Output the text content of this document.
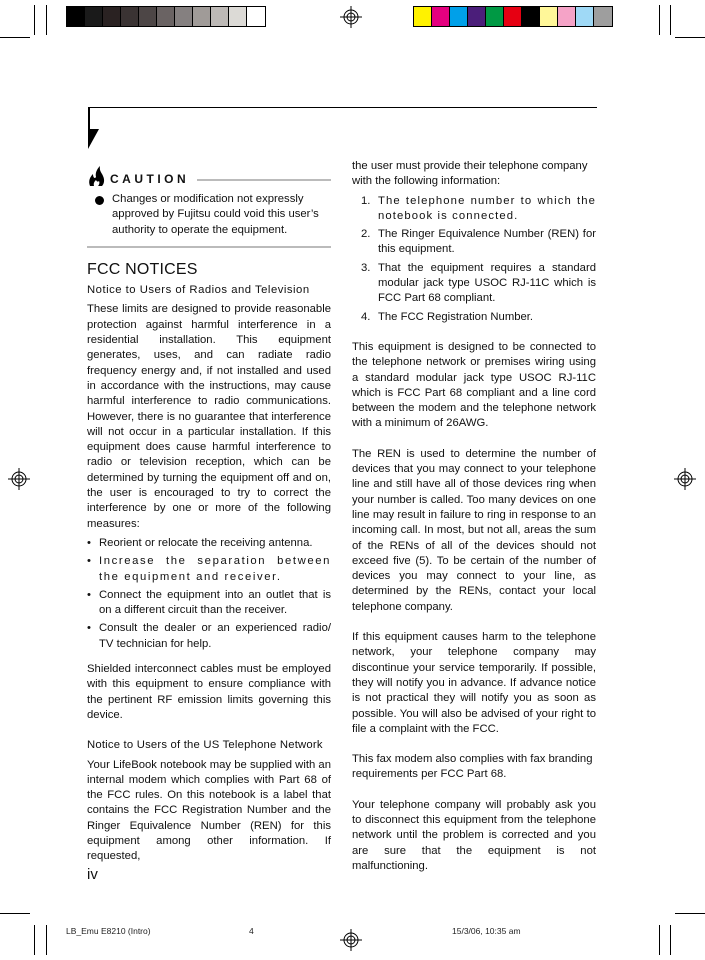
CAUTION
Changes or modification not expressly approved by Fujitsu could void this user’s authority to operate the equipment.
FCC NOTICES
Notice to Users of Radios and Television

These limits are designed to provide reasonable protection against harmful interference in a residential installation. This equipment generates, uses, and can radiate radio frequency energy and, if not installed and used in accordance with the instructions, may cause harmful interference to radio communications. However, there is no guarantee that interference will not occur in a particular installation. If this equipment does cause harmful interference to radio or television reception, which can be determined by turning the equipment off and on, the user is encouraged to try to correct the interference by one or more of the following measures:

• Reorient or relocate the receiving antenna.
• Increase the separation between the equipment and receiver.
• Connect the equipment into an outlet that is on a different circuit than the receiver.
• Consult the dealer or an experienced radio/ TV technician for help.

Shielded interconnect cables must be employed with this equipment to ensure compliance with the pertinent RF emission limits governing this device.

Notice to Users of the US Telephone Network

Your LifeBook notebook may be supplied with an internal modem which complies with Part 68 of the FCC rules. On this notebook is a label that contains the FCC Registration Number and the Ringer Equivalence Number (REN) for this equipment among other information. If requested,

the user must provide their telephone company with the following information:

1. The telephone number to which the notebook is connected.
2. The Ringer Equivalence Number (REN) for this equipment.
3. That the equipment requires a standard modular jack type USOC RJ-11C which is FCC Part 68 compliant.
4. The FCC Registration Number.

This equipment is designed to be connected to the telephone network or premises wiring using a standard modular jack type USOC RJ-11C which is FCC Part 68 compliant and a line cord between the modem and the telephone network with a minimum of 26AWG.

The REN is used to determine the number of devices that you may connect to your telephone line and still have all of those devices ring when your number is called. Too many devices on one line may result in failure to ring in response to an incoming call. In most, but not all, areas the sum of the RENs of all of the devices should not exceed five (5). To be certain of the number of devices you may connect to your line, as determined by the RENs, contact your local telephone company.

If this equipment causes harm to the telephone network, your telephone company may discontinue your service temporarily. If possible, they will notify you in advance. If advance notice is not practical they will notify you as soon as possible. You will also be advised of your right to file a complaint with the FCC.

This fax modem also complies with fax branding requirements per FCC Part 68.

Your telephone company will probably ask you to disconnect this equipment from the telephone network until the problem is corrected and you are sure that the equipment is not malfunctioning.

iv
LB_Emu E8210 (Intro)	4	15/3/06, 10:35 am
